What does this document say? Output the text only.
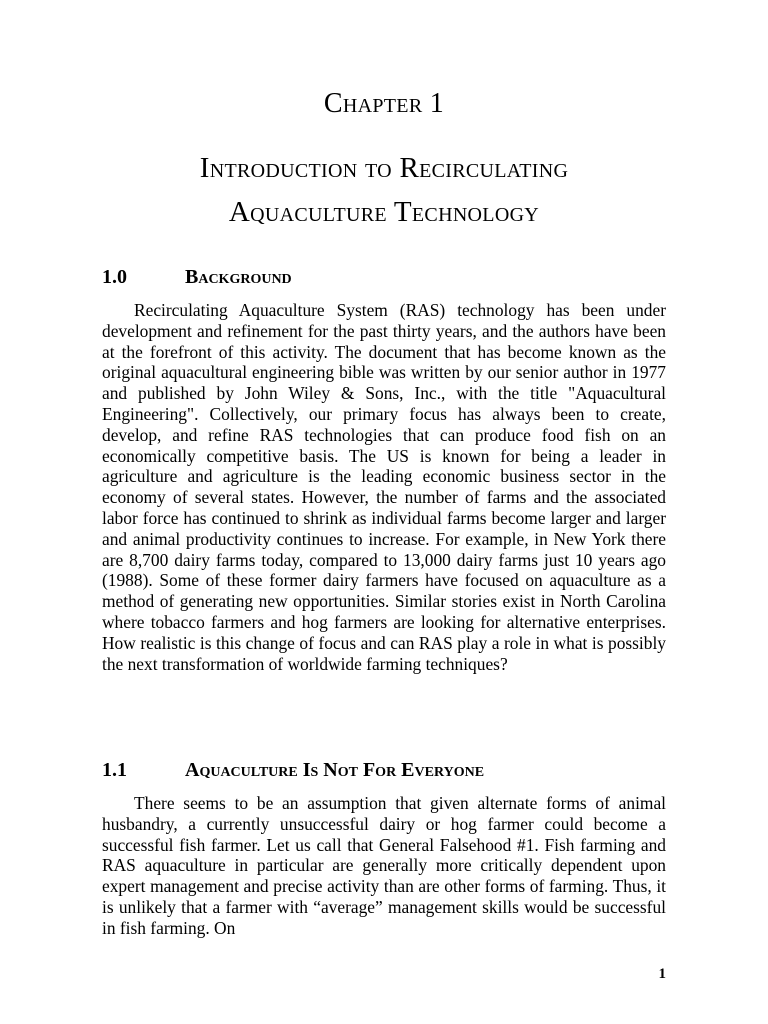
Chapter 1
Introduction to Recirculating
Aquaculture Technology
1.0	Background

Recirculating Aquaculture System (RAS) technology has been under development and refinement for the past thirty years, and the authors have been at the forefront of this activity. The document that has become known as the original aquacultural engineering bible was written by our senior author in 1977 and published by John Wiley & Sons, Inc., with the title "Aquacultural Engineering". Collectively, our primary focus has always been to create, develop, and refine RAS technologies that can produce food fish on an economically competitive basis. The US is known for being a leader in agriculture and agriculture is the leading economic business sector in the economy of several states. However, the number of farms and the associated labor force has continued to shrink as individual farms become larger and larger and animal productivity continues to increase. For example, in New York there are 8,700 dairy farms today, compared to 13,000 dairy farms just 10 years ago (1988). Some of these former dairy farmers have focused on aquaculture as a method of generating new opportunities. Similar stories exist in North Carolina where tobacco farmers and hog farmers are looking for alternative enterprises. How realistic is this change of focus and can RAS play a role in what is possibly the next transformation of worldwide farming techniques?

1.1	Aquaculture Is Not For Everyone

There seems to be an assumption that given alternate forms of animal husbandry, a currently unsuccessful dairy or hog farmer could become a successful fish farmer. Let us call that General Falsehood #1. Fish farming and RAS aquaculture in particular are generally more critically dependent upon expert management and precise activity than are other forms of farming. Thus, it is unlikely that a farmer with “average” management skills would be successful in fish farming. On

1
